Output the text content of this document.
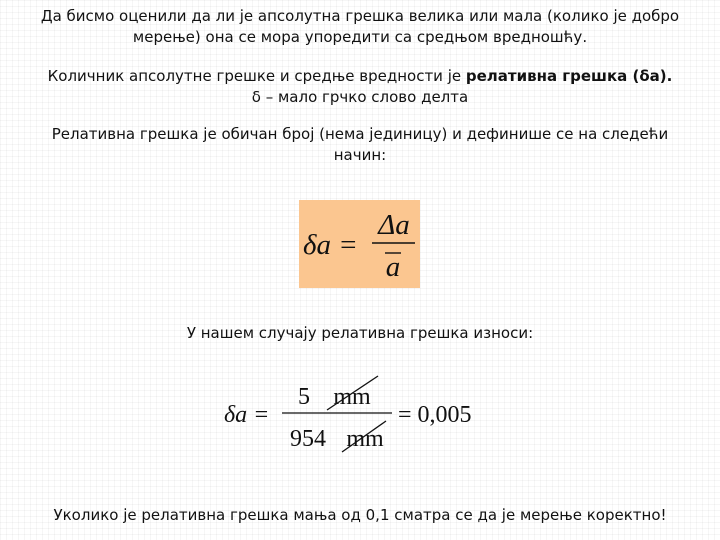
Да бисмо оценили да ли је апсолутна грешка велика или мала (колико је добро
мерење) она се мора упоредити са средњом вредношћу.

Количник апсолутне грешке и средње вредности је релативна грешка (δa).
δ – мало грчко слово делта

Релативна грешка је обичан број (нема јединицу) и дефинише се на следећи
начин:

δa =
Δa
a

У нашем случају релативна грешка износи:

δa =
5 mm
954 mm
= 0,005

Уколико је релативна грешка мања од 0,1 сматра се да је мерење коректно!
